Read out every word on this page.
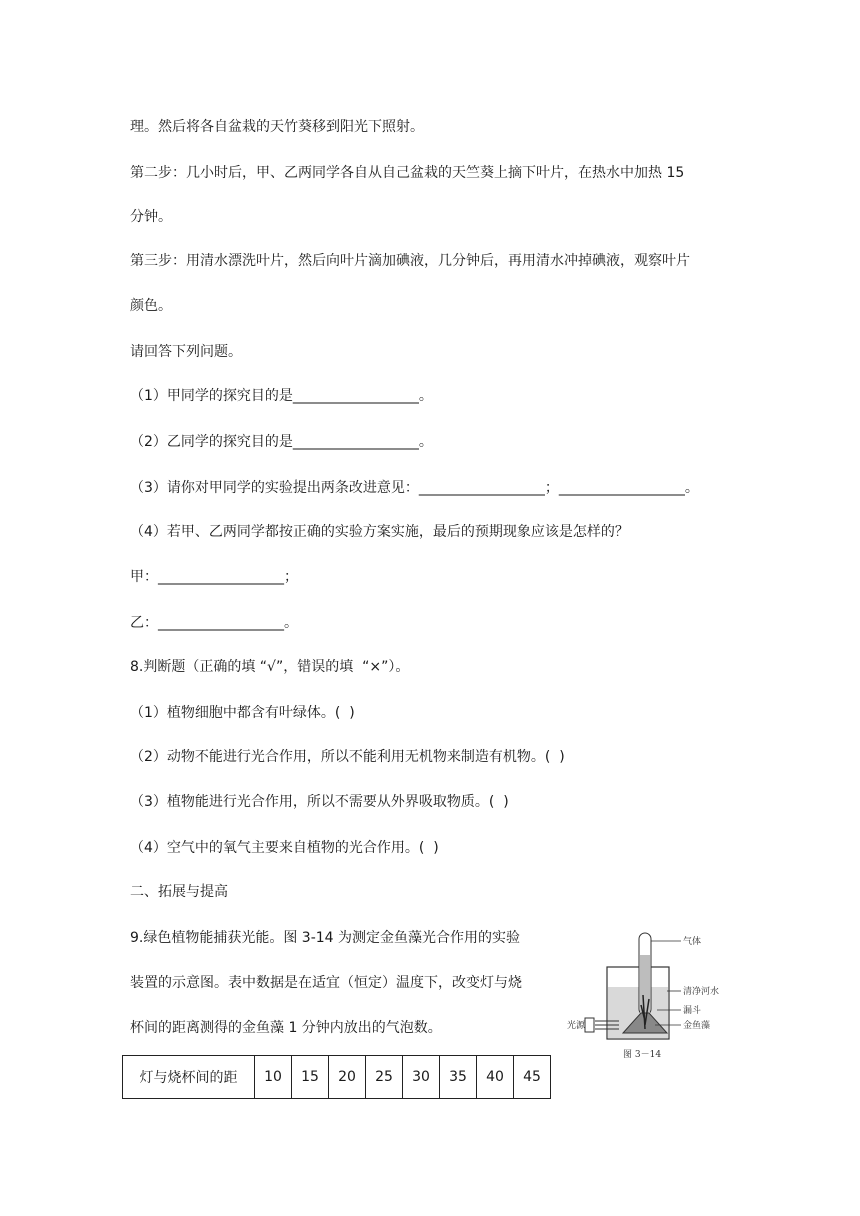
理。然后将各自盆栽的天竹葵移到阳光下照射。
第二步：几小时后，甲、乙两同学各自从自己盆栽的天竺葵上摘下叶片，在热水中加热 15
分钟。
第三步：用清水漂洗叶片，然后向叶片滴加碘液，几分钟后，再用清水冲掉碘液，观察叶片
颜色。
请回答下列问题。
（1）甲同学的探究目的是__________________。
（2）乙同学的探究目的是__________________。
（3）请你对甲同学的实验提出两条改进意见：__________________；__________________。
（4）若甲、乙两同学都按正确的实验方案实施，最后的预期现象应该是怎样的？
甲：__________________；
乙：__________________。
8.判断题（正确的填 “√”，错误的填  “×”）。
（1）植物细胞中都含有叶绿体。(  )
（2）动物不能进行光合作用，所以不能利用无机物来制造有机物。(  )
（3）植物能进行光合作用，所以不需要从外界吸取物质。(  )
（4）空气中的氧气主要来自植物的光合作用。(  )
二、拓展与提高
9.绿色植物能捕获光能。图 3-14 为测定金鱼藻光合作用的实验
装置的示意图。表中数据是在适宜（恒定）温度下，改变灯与烧
杯间的距离测得的金鱼藻 1 分钟内放出的气泡数。
灯与烧杯间的距	10	15	20	25	30	35	40	45
气体
清净河水
漏斗
金鱼藻
光源
图 3－14
